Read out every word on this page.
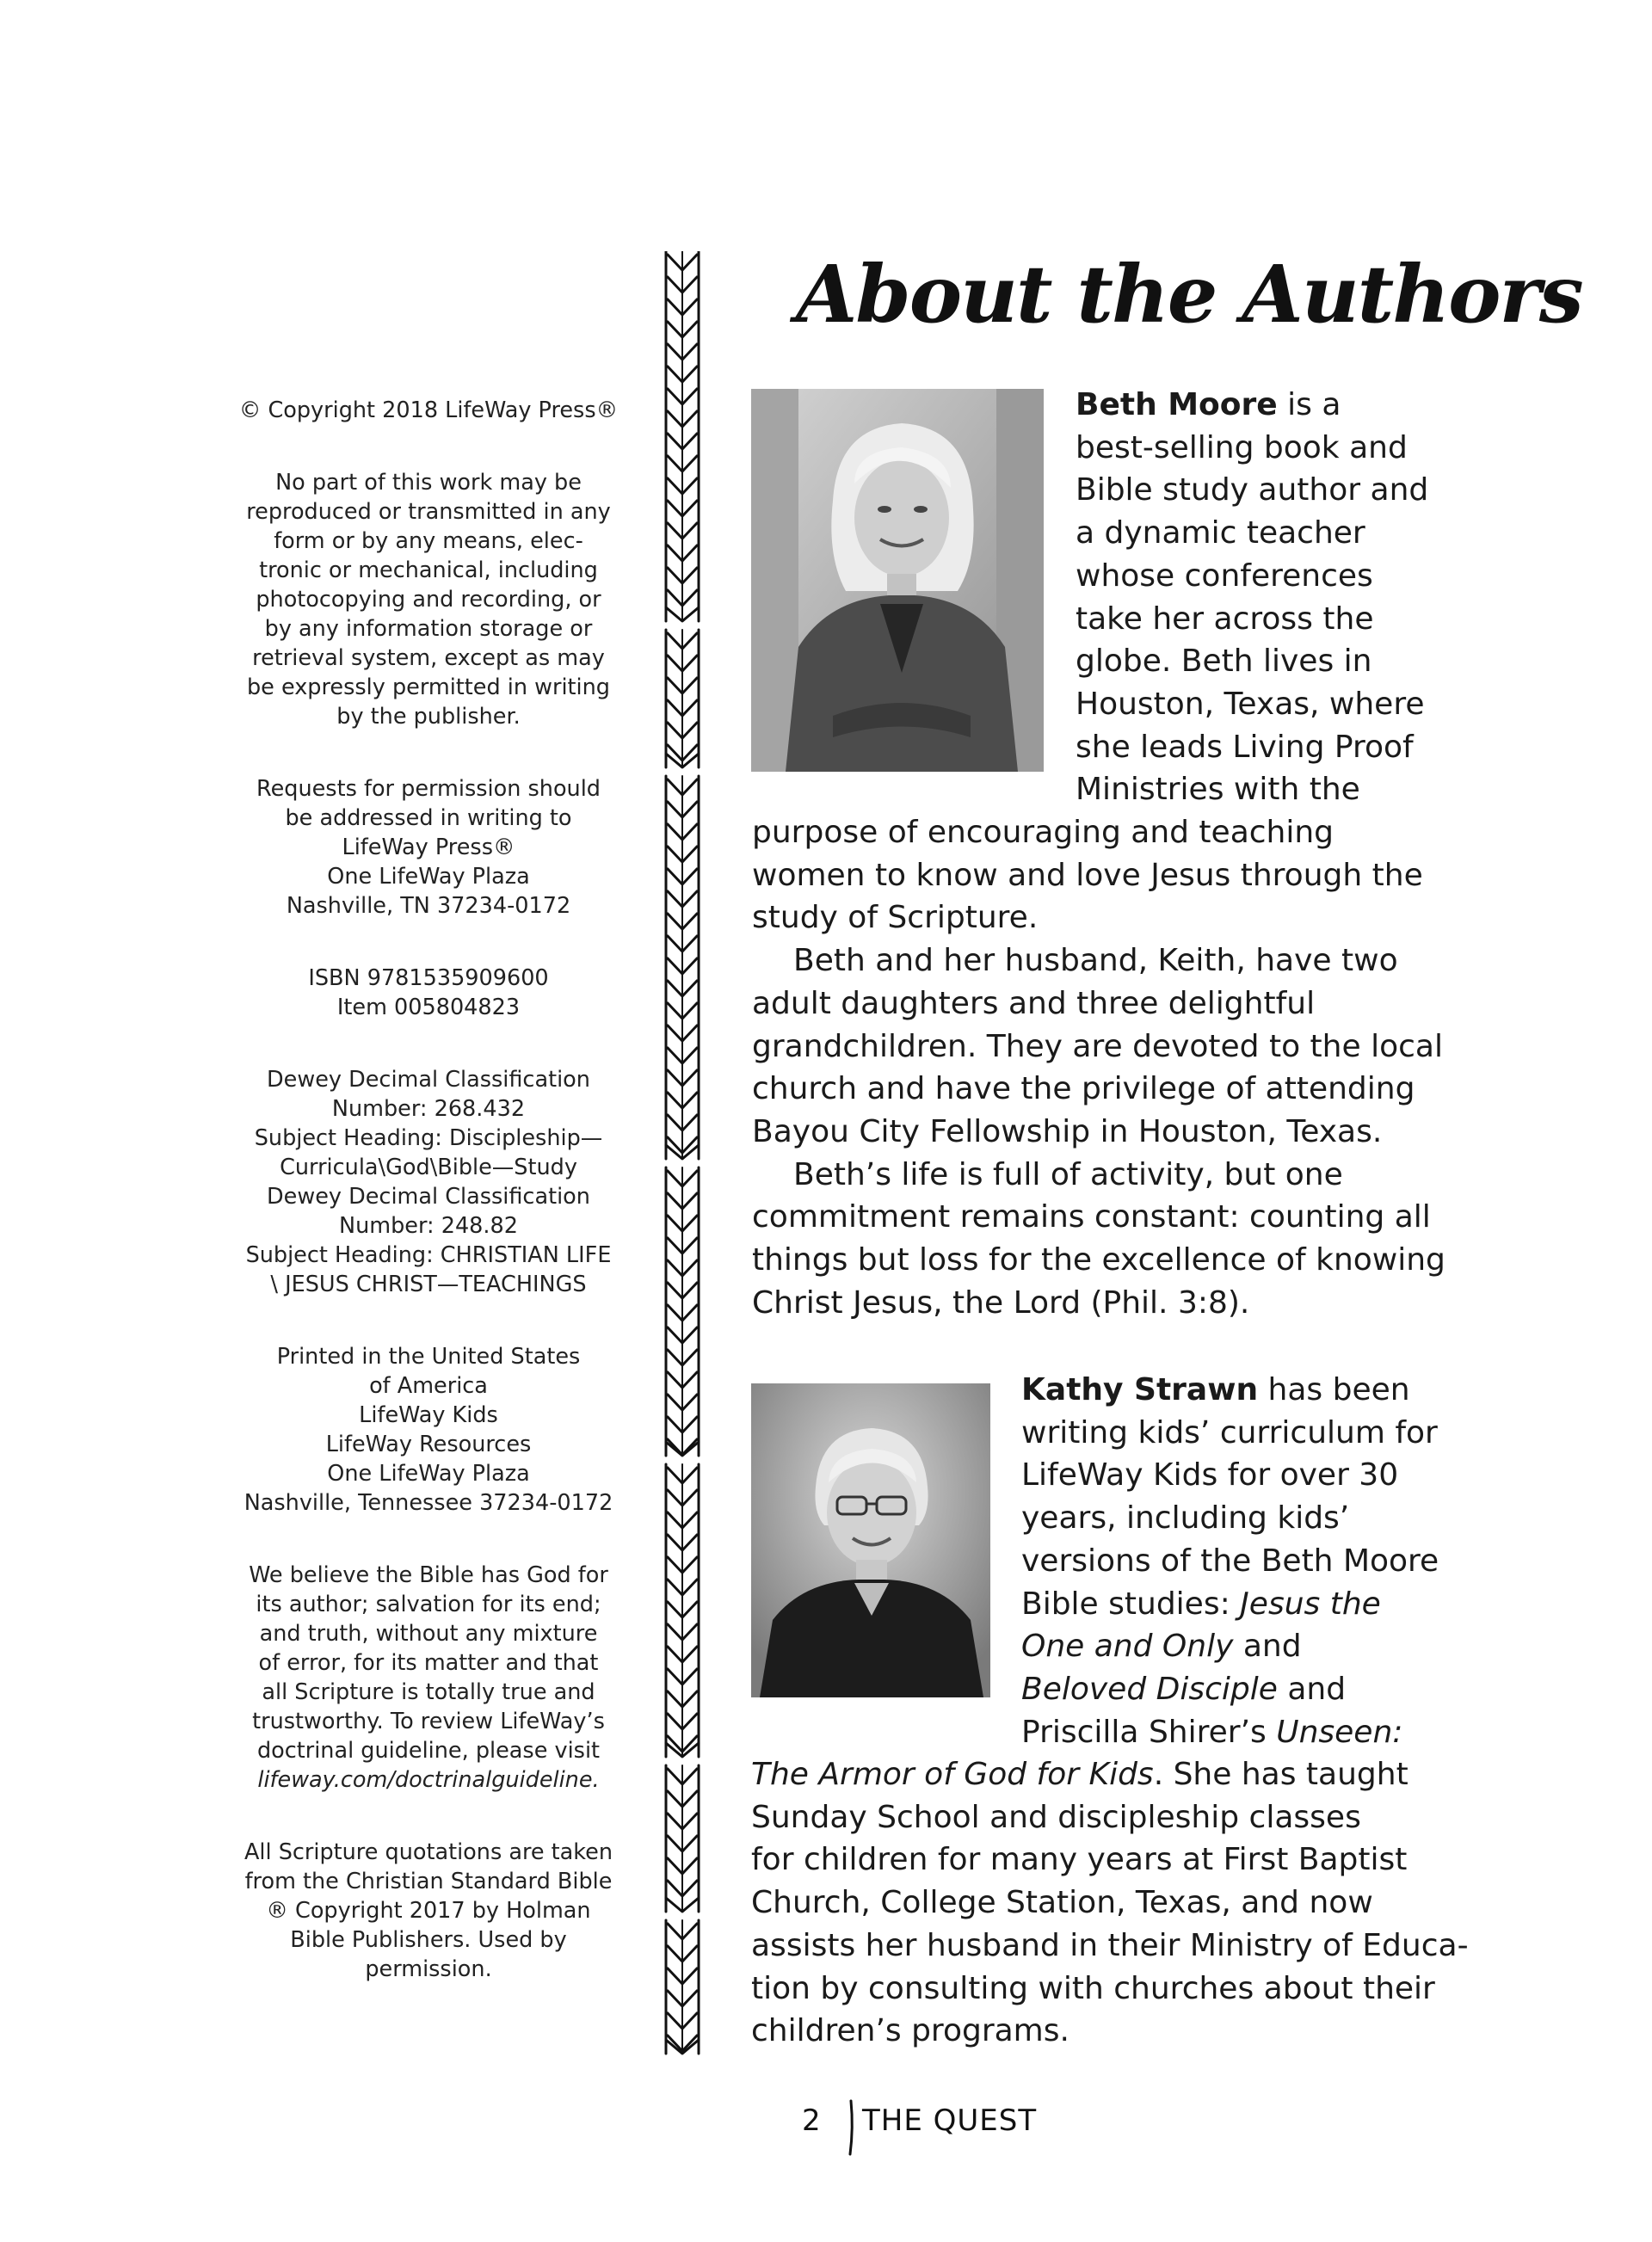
© Copyright 2018 LifeWay Press®

No part of this work may be
reproduced or transmitted in any
form or by any means, elec-
tronic or mechanical, including
photocopying and recording, or
by any information storage or
retrieval system, except as may
be expressly permitted in writing
by the publisher.

Requests for permission should
be addressed in writing to
LifeWay Press®
One LifeWay Plaza
Nashville, TN 37234-0172

ISBN 9781535909600
Item 005804823

Dewey Decimal Classification
Number: 268.432
Subject Heading: Discipleship—
Curricula\God\Bible—Study
Dewey Decimal Classification
Number: 248.82
Subject Heading: CHRISTIAN LIFE
\ JESUS CHRIST—TEACHINGS

Printed in the United States
of America
LifeWay Kids
LifeWay Resources
One LifeWay Plaza
Nashville, Tennessee 37234-0172

We believe the Bible has God for
its author; salvation for its end;
and truth, without any mixture
of error, for its matter and that
all Scripture is totally true and
trustworthy. To review LifeWay’s
doctrinal guideline, please visit
lifeway.com/doctrinalguideline.

All Scripture quotations are taken
from the Christian Standard Bible
® Copyright 2017 by Holman
Bible Publishers. Used by
permission.

About the Authors
Beth Moore is a
best-selling book and
Bible study author and
a dynamic teacher
whose conferences
take her across the
globe. Beth lives in
Houston, Texas, where
she leads Living Proof
Ministries with the
purpose of encouraging and teaching
women to know and love Jesus through the
study of Scripture.
Beth and her husband, Keith, have two
adult daughters and three delightful
grandchildren. They are devoted to the local
church and have the privilege of attending
Bayou City Fellowship in Houston, Texas.
Beth’s life is full of activity, but one
commitment remains constant: counting all
things but loss for the excellence of knowing
Christ Jesus, the Lord (Phil. 3:8).
Kathy Strawn has been
writing kids’ curriculum for
LifeWay Kids for over 30
years, including kids’
versions of the Beth Moore
Bible studies: Jesus the
One and Only and
Beloved Disciple and
Priscilla Shirer’s Unseen:
The Armor of God for Kids. She has taught
Sunday School and discipleship classes
for children for many years at First Baptist
Church, College Station, Texas, and now
assists her husband in their Ministry of Educa-
tion by consulting with churches about their
children’s programs.
2 THE QUEST
